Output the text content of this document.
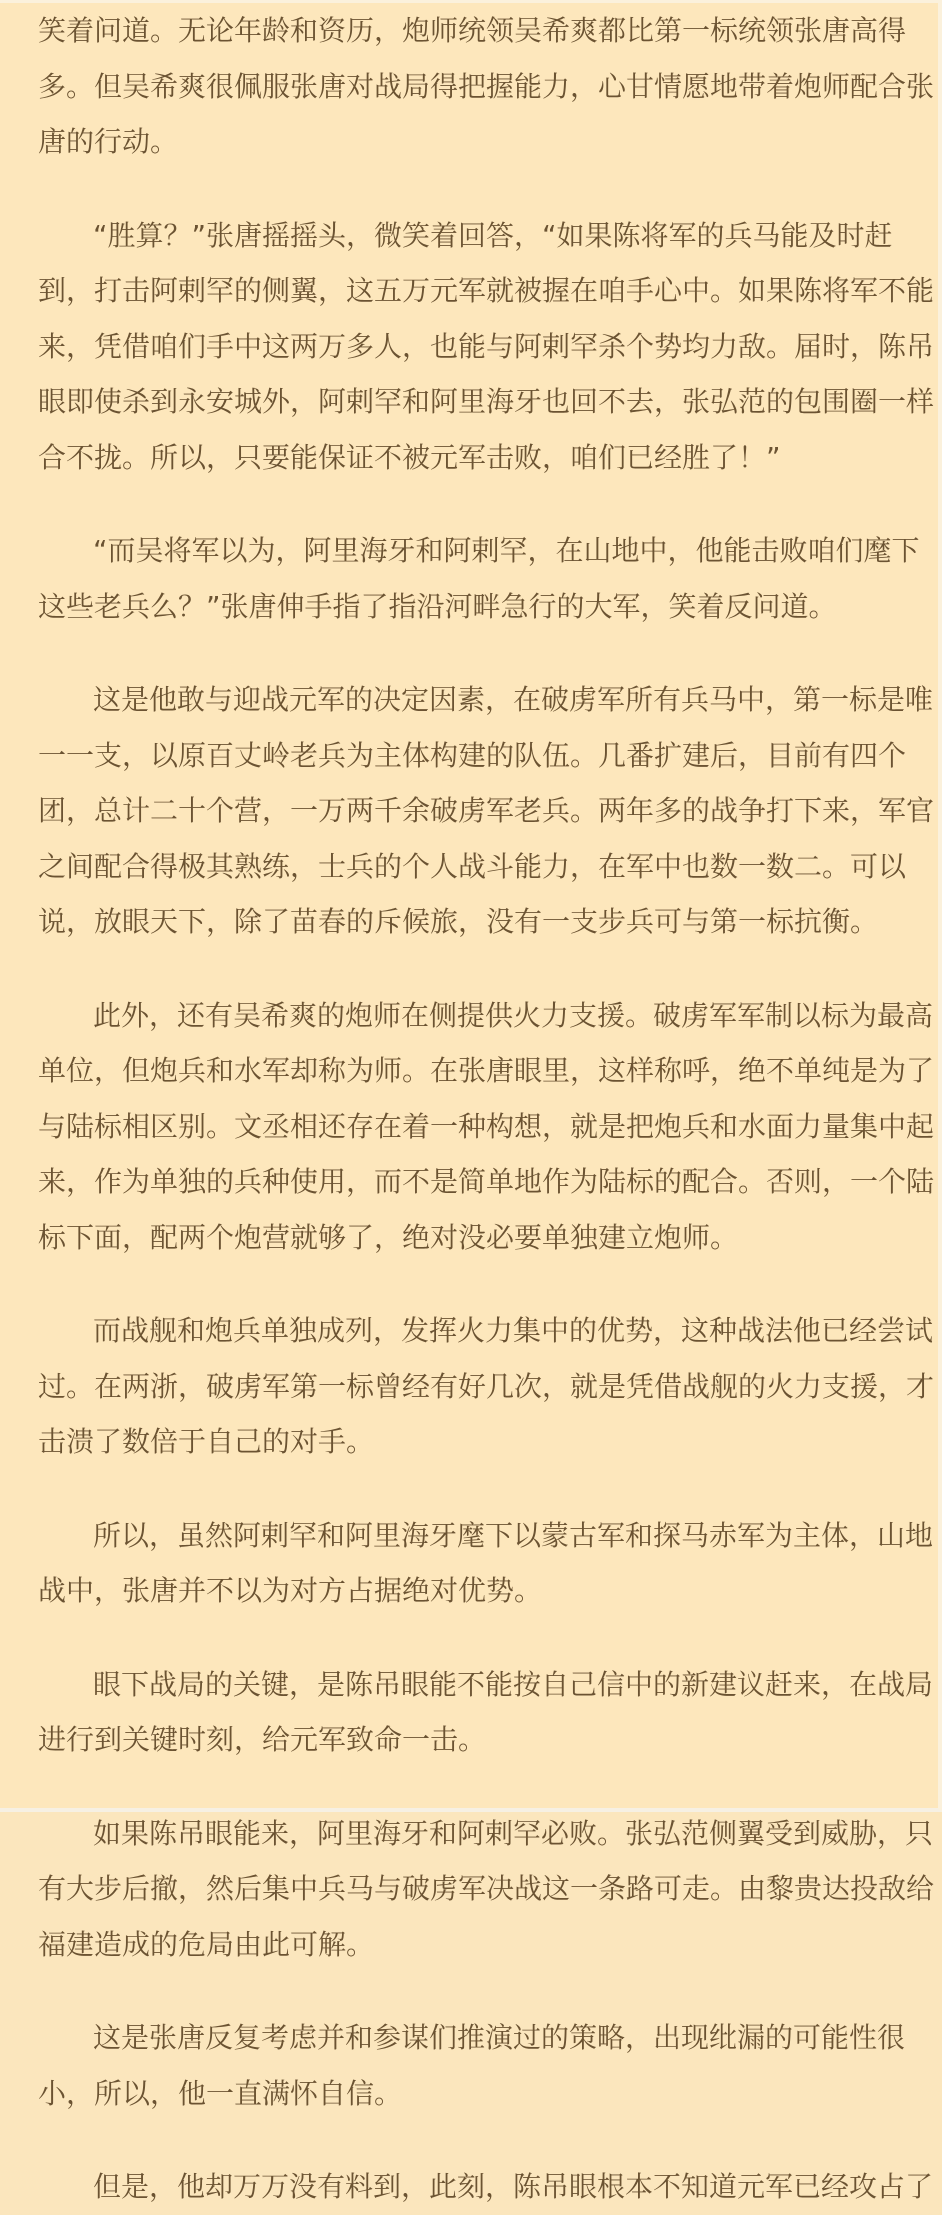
笑着问道。无论年龄和资历，炮师统领吴希爽都比第一标统领张唐高得
多。但吴希爽很佩服张唐对战局得把握能力，心甘情愿地带着炮师配合张
唐的行动。
“胜算？”张唐摇摇头，微笑着回答，“如果陈将军的兵马能及时赶
到，打击阿剌罕的侧翼，这五万元军就被握在咱手心中。如果陈将军不能
来，凭借咱们手中这两万多人，也能与阿剌罕杀个势均力敌。届时，陈吊
眼即使杀到永安城外，阿剌罕和阿里海牙也回不去，张弘范的包围圈一样
合不拢。所以，只要能保证不被元军击败，咱们已经胜了！”
“而吴将军以为，阿里海牙和阿剌罕，在山地中，他能击败咱们麾下
这些老兵么？”张唐伸手指了指沿河畔急行的大军，笑着反问道。
这是他敢与迎战元军的决定因素，在破虏军所有兵马中，第一标是唯
一一支，以原百丈岭老兵为主体构建的队伍。几番扩建后，目前有四个
团，总计二十个营，一万两千余破虏军老兵。两年多的战争打下来，军官
之间配合得极其熟练，士兵的个人战斗能力，在军中也数一数二。可以
说，放眼天下，除了苗春的斥候旅，没有一支步兵可与第一标抗衡。
此外，还有吴希爽的炮师在侧提供火力支援。破虏军军制以标为最高
单位，但炮兵和水军却称为师。在张唐眼里，这样称呼，绝不单纯是为了
与陆标相区别。文丞相还存在着一种构想，就是把炮兵和水面力量集中起
来，作为单独的兵种使用，而不是简单地作为陆标的配合。否则，一个陆
标下面，配两个炮营就够了，绝对没必要单独建立炮师。
而战舰和炮兵单独成列，发挥火力集中的优势，这种战法他已经尝试
过。在两浙，破虏军第一标曾经有好几次，就是凭借战舰的火力支援，才
击溃了数倍于自己的对手。
所以，虽然阿剌罕和阿里海牙麾下以蒙古军和探马赤军为主体，山地
战中，张唐并不以为对方占据绝对优势。
眼下战局的关键，是陈吊眼能不能按自己信中的新建议赶来，在战局
进行到关键时刻，给元军致命一击。
如果陈吊眼能来，阿里海牙和阿剌罕必败。张弘范侧翼受到威胁，只
有大步后撤，然后集中兵马与破虏军决战这一条路可走。由黎贵达投敌给
福建造成的危局由此可解。
这是张唐反复考虑并和参谋们推演过的策略，出现纰漏的可能性很
小，所以，他一直满怀自信。
但是，他却万万没有料到，此刻，陈吊眼根本不知道元军已经攻占了
